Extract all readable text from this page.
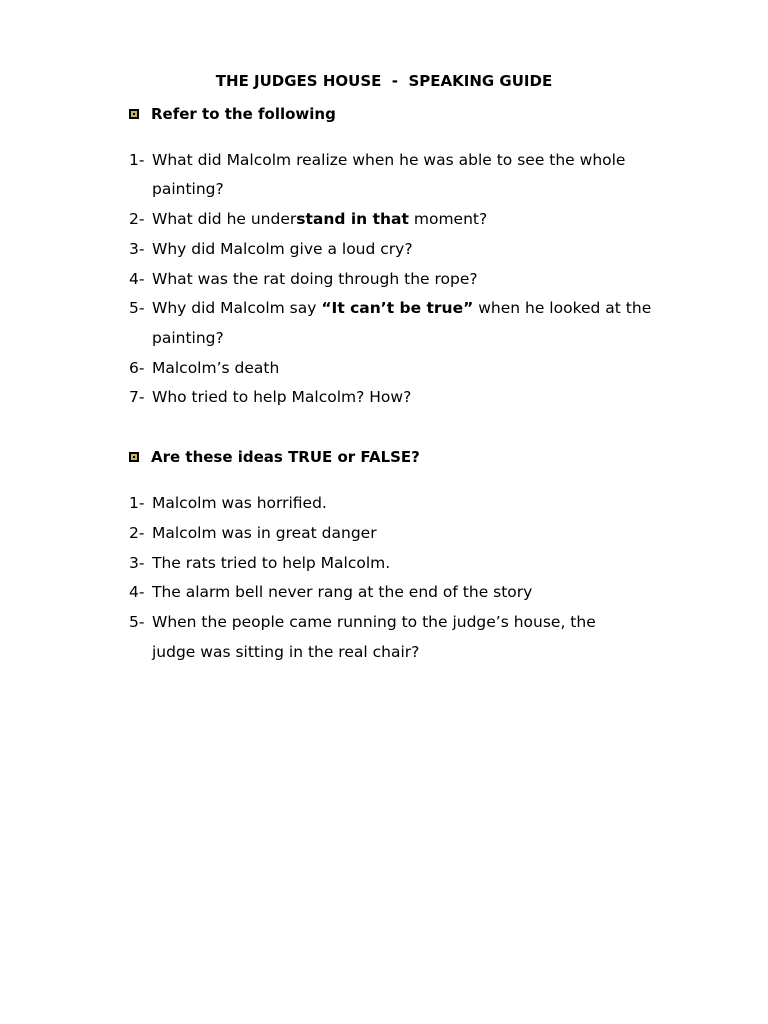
THE JUDGES HOUSE  -  SPEAKING GUIDE
Refer to the following
1- What did Malcolm realize when he was able to see the whole
painting?
2- What did he understand in that moment?
3- Why did Malcolm give a loud cry?
4- What was the rat doing through the rope?
5- Why did Malcolm say “It can’t be true” when he looked at the
painting?
6- Malcolm’s death
7- Who tried to help Malcolm? How?
Are these ideas TRUE or FALSE?
1- Malcolm was horrified.
2- Malcolm was in great danger
3- The rats tried to help Malcolm.
4- The alarm bell never rang at the end of the story
5- When the people came running to the judge’s house, the
judge was sitting in the real chair?
